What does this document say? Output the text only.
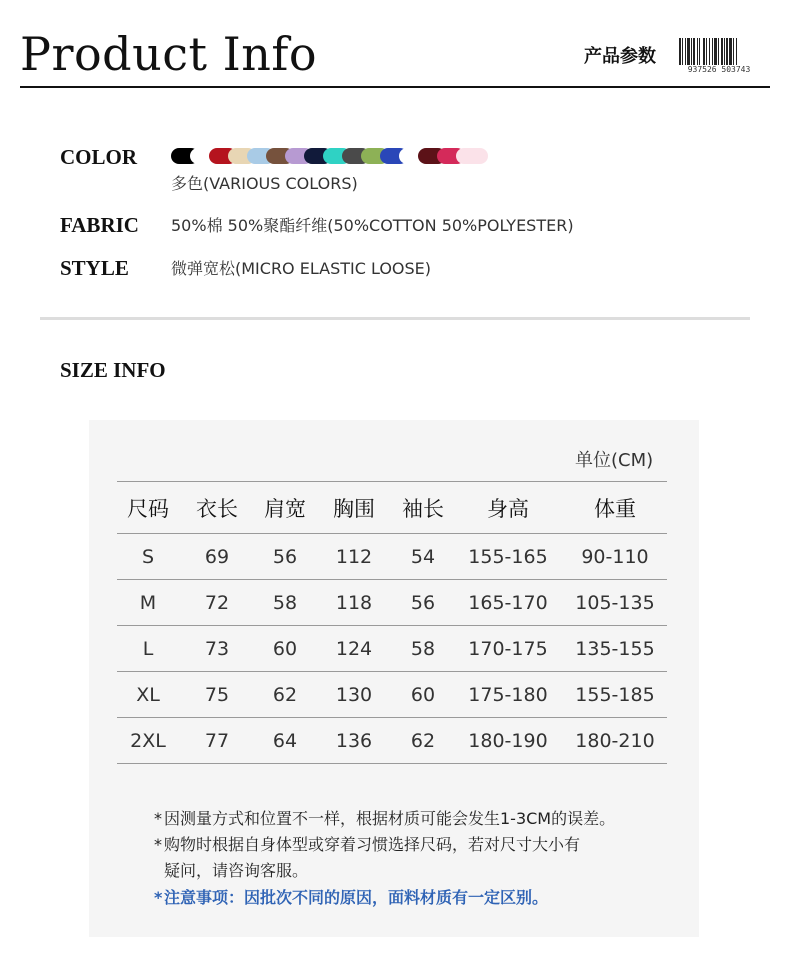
Product Info	产品参数
937526 503743
COLOR
多色(VARIOUS COLORS)
FABRIC 50%棉 50%聚酯纤维(50%COTTON 50%POLYESTER)
STYLE	微弹宽松(MICRO ELASTIC LOOSE)
SIZE INFO
单位(CM)
尺码	衣长	肩宽	胸围	袖长	身高	体重
S	69	56	112	54	155-165	90-110
M	72	58	118	56	165-170	105-135
L	73	60	124	58	170-175	135-155
XL	75	62	130	60	175-180	155-185
2XL	77	64	136	62	180-190	180-210
* 因测量方式和位置不一样，根据材质可能会发生1-3CM的误差。
* 购物时根据自身体型或穿着习惯选择尺码，若对尺寸大小有
疑问，请咨询客服。
* 注意事项：因批次不同的原因，面料材质有一定区别。
